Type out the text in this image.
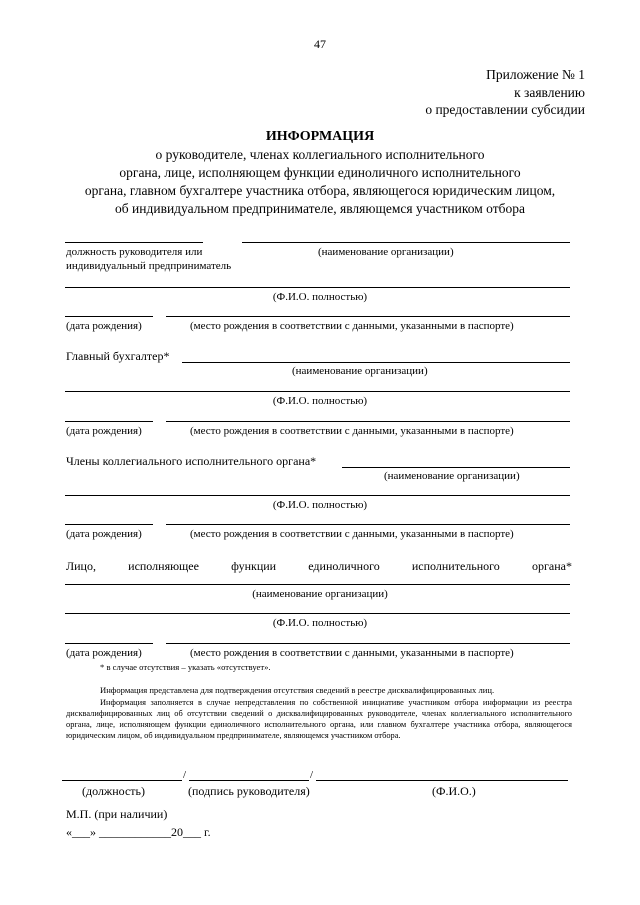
47
Приложение № 1
к заявлению
о предоставлении субсидии
ИНФОРМАЦИЯ
о руководителе, членах коллегиального исполнительного
органа, лице, исполняющем функции единоличного исполнительного
органа, главном бухгалтере участника отбора, являющегося юридическим лицом,
об индивидуальном предпринимателе, являющемся участником отбора
должность руководителя или	(наименование организации)
индивидуальный предприниматель
(Ф.И.О. полностью)
(дата рождения)	(место рождения в соответствии с данными, указанными в паспорте)
Главный бухгалтер*
(наименование организации)
(Ф.И.О. полностью)
(дата рождения)	(место рождения в соответствии с данными, указанными в паспорте)
Члены коллегиального исполнительного органа*
(наименование организации)
(Ф.И.О. полностью)
(дата рождения)	(место рождения в соответствии с данными, указанными в паспорте)
Лицо,	исполняющее	функции	единоличного	исполнительного	органа*
(наименование организации)
(Ф.И.О. полностью)
(дата рождения)	(место рождения в соответствии с данными, указанными в паспорте)
* в случае отсутствия – указать «отсутствует».
Информация представлена для подтверждения отсутствия сведений в реестре дисквалифицированных лиц.
Информация заполняется в случае непредставления по собственной инициативе участником отбора информации из реестра дисквалифицированных лиц об отсутствии сведений о дисквалифицированных руководителе, членах коллегиального исполнительного органа, лице, исполняющем функции единоличного исполнительного органа, или главном бухгалтере участника отбора, являющегося юридическим лицом, об индивидуальном предпринимателе, являющемся участником отбора.
/	/
(должность)	(подпись руководителя)	(Ф.И.О.)
М.П. (при наличии)
«___» ____________20___ г.
